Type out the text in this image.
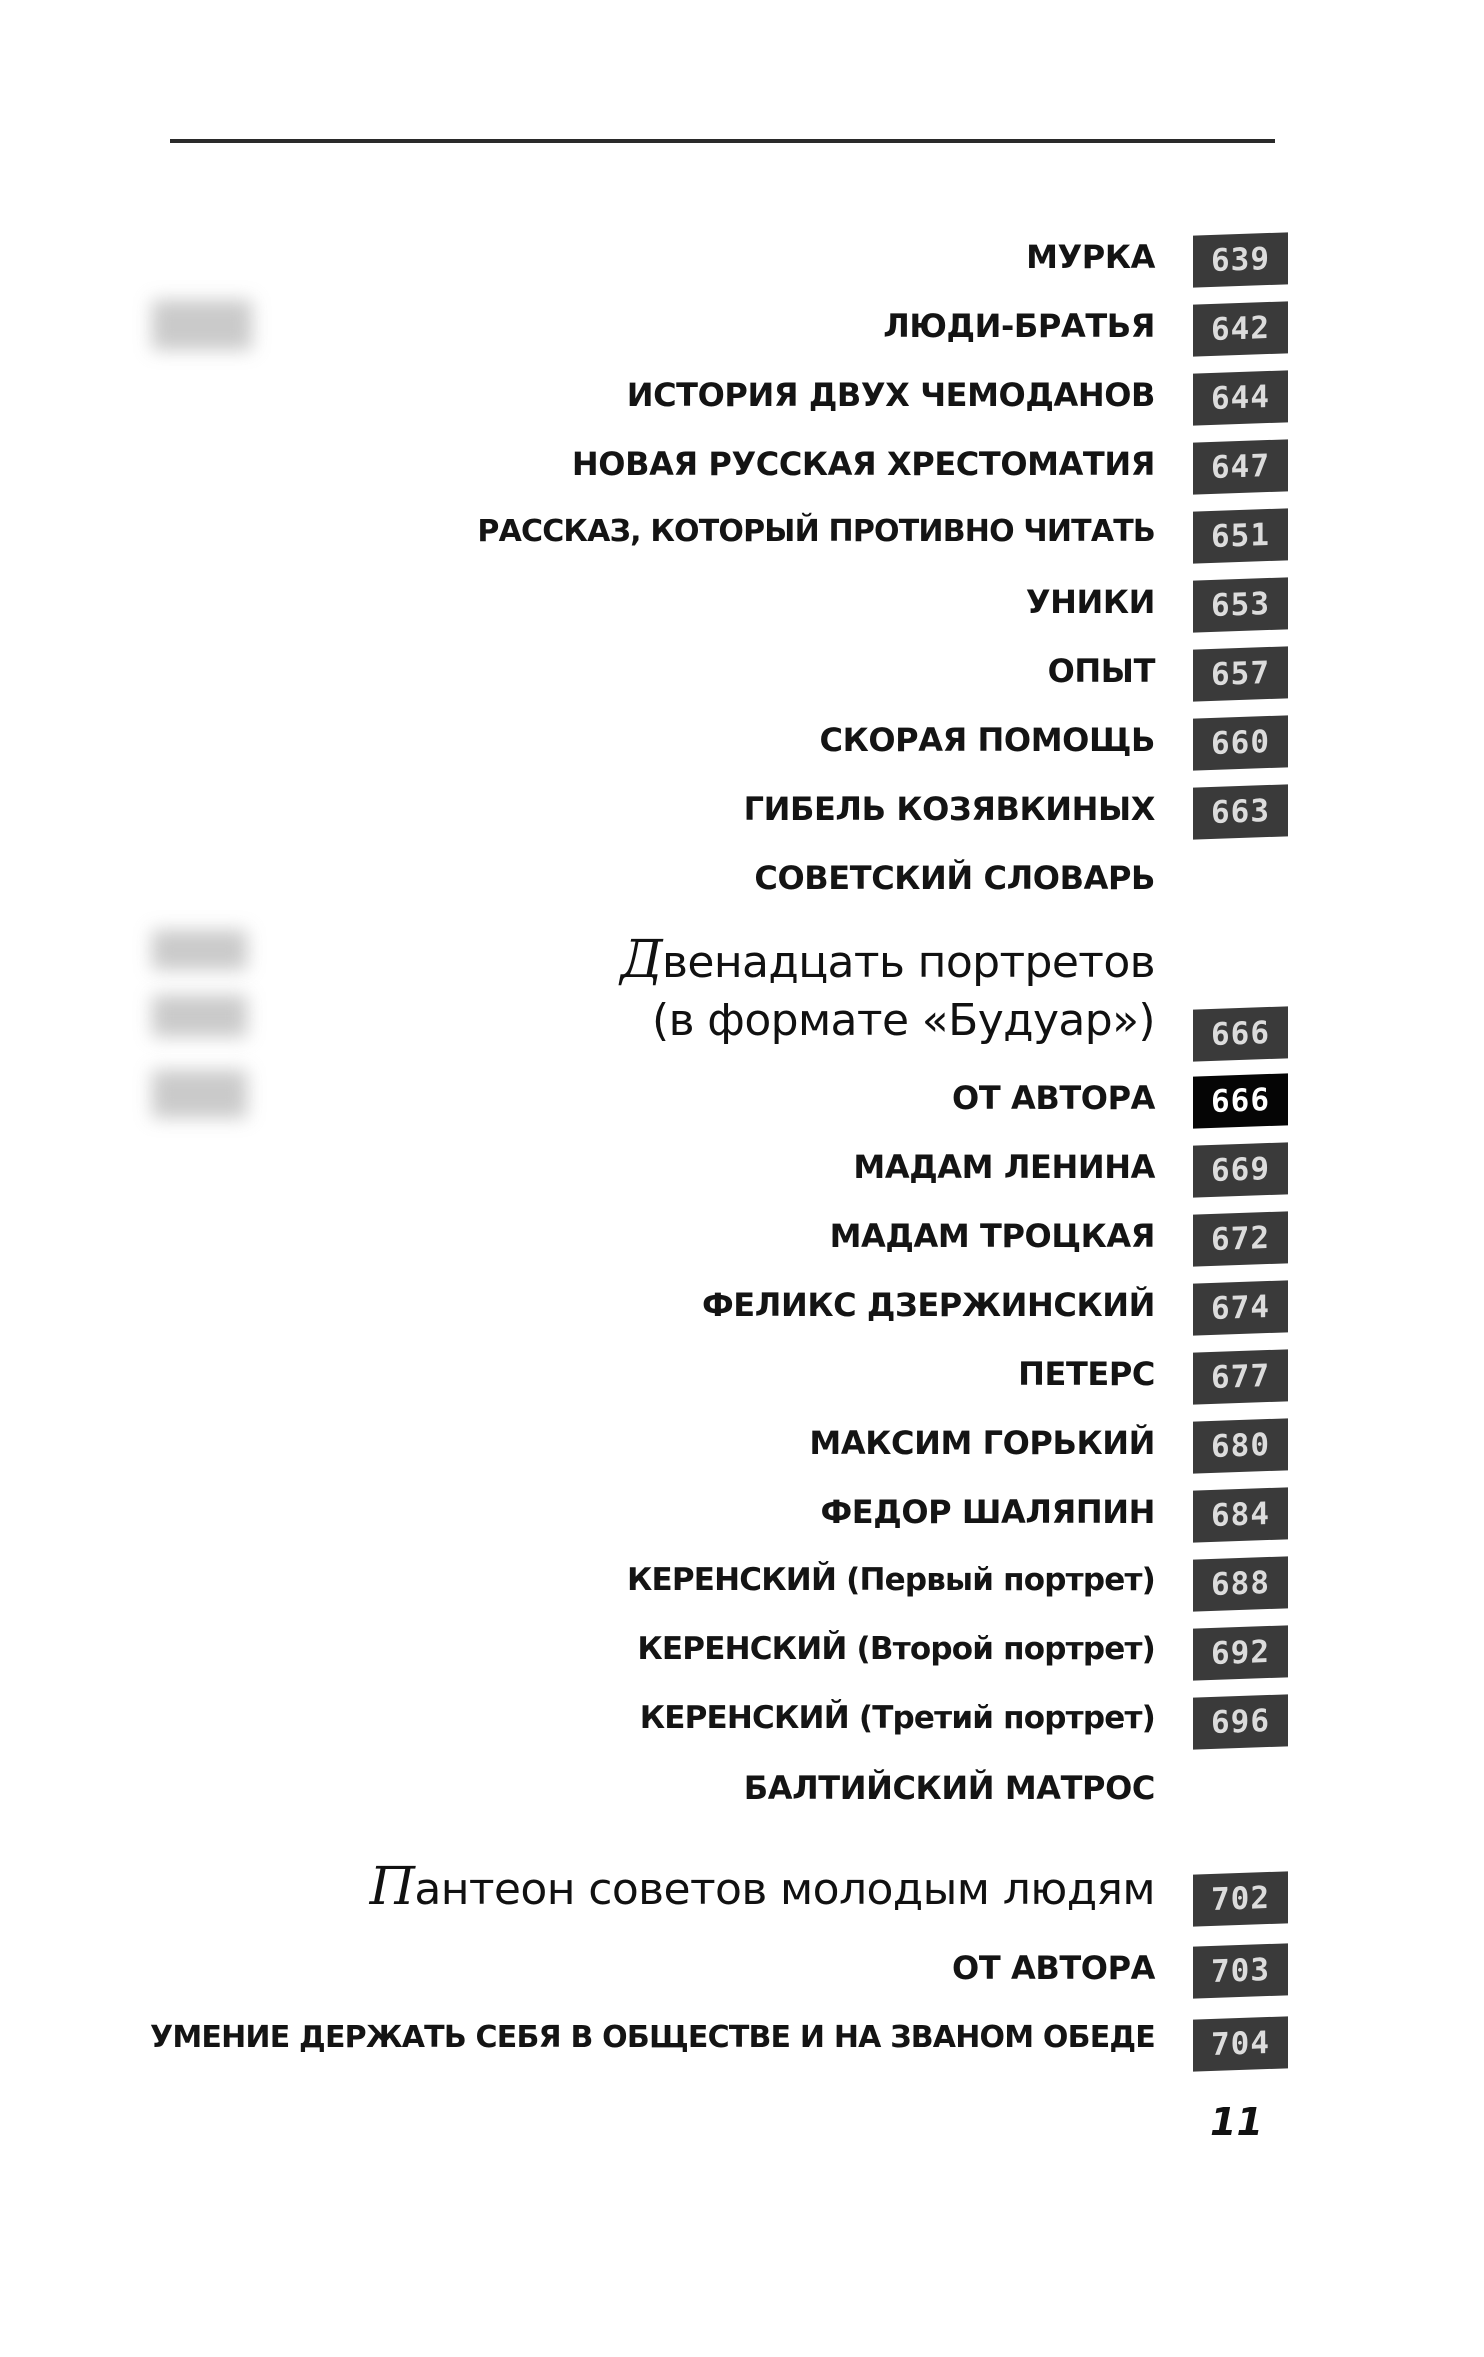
МУРКА	639
ЛЮДИ-БРАТЬЯ	642
ИСТОРИЯ ДВУХ ЧЕМОДАНОВ	644
НОВАЯ РУССКАЯ ХРЕСТОМАТИЯ	647
РАССКАЗ, КОТОРЫЙ ПРОТИВНО ЧИТАТЬ	651
УНИКИ	653
ОПЫТ	657
СКОРАЯ ПОМОЩЬ	660
ГИБЕЛЬ КОЗЯВКИНЫХ	663
СОВЕТСКИЙ СЛОВАРЬ
Двенадцать портретов
(в формате «Будуар»)	666
ОТ АВТОРА	666
МАДАМ ЛЕНИНА	669
МАДАМ ТРОЦКАЯ	672
ФЕЛИКС ДЗЕРЖИНСКИЙ	674
ПЕТЕРС	677
МАКСИМ ГОРЬКИЙ	680
ФЕДОР ШАЛЯПИН	684
КЕРЕНСКИЙ (Первый портрет)	688
КЕРЕНСКИЙ (Второй портрет)	692
КЕРЕНСКИЙ (Третий портрет)	696
БАЛТИЙСКИЙ МАТРОС
Пантеон советов молодым людям	702
ОТ АВТОРА	703
УМЕНИЕ ДЕРЖАТЬ СЕБЯ В ОБЩЕСТВЕ И НА ЗВАНОМ ОБЕДЕ	704
11
